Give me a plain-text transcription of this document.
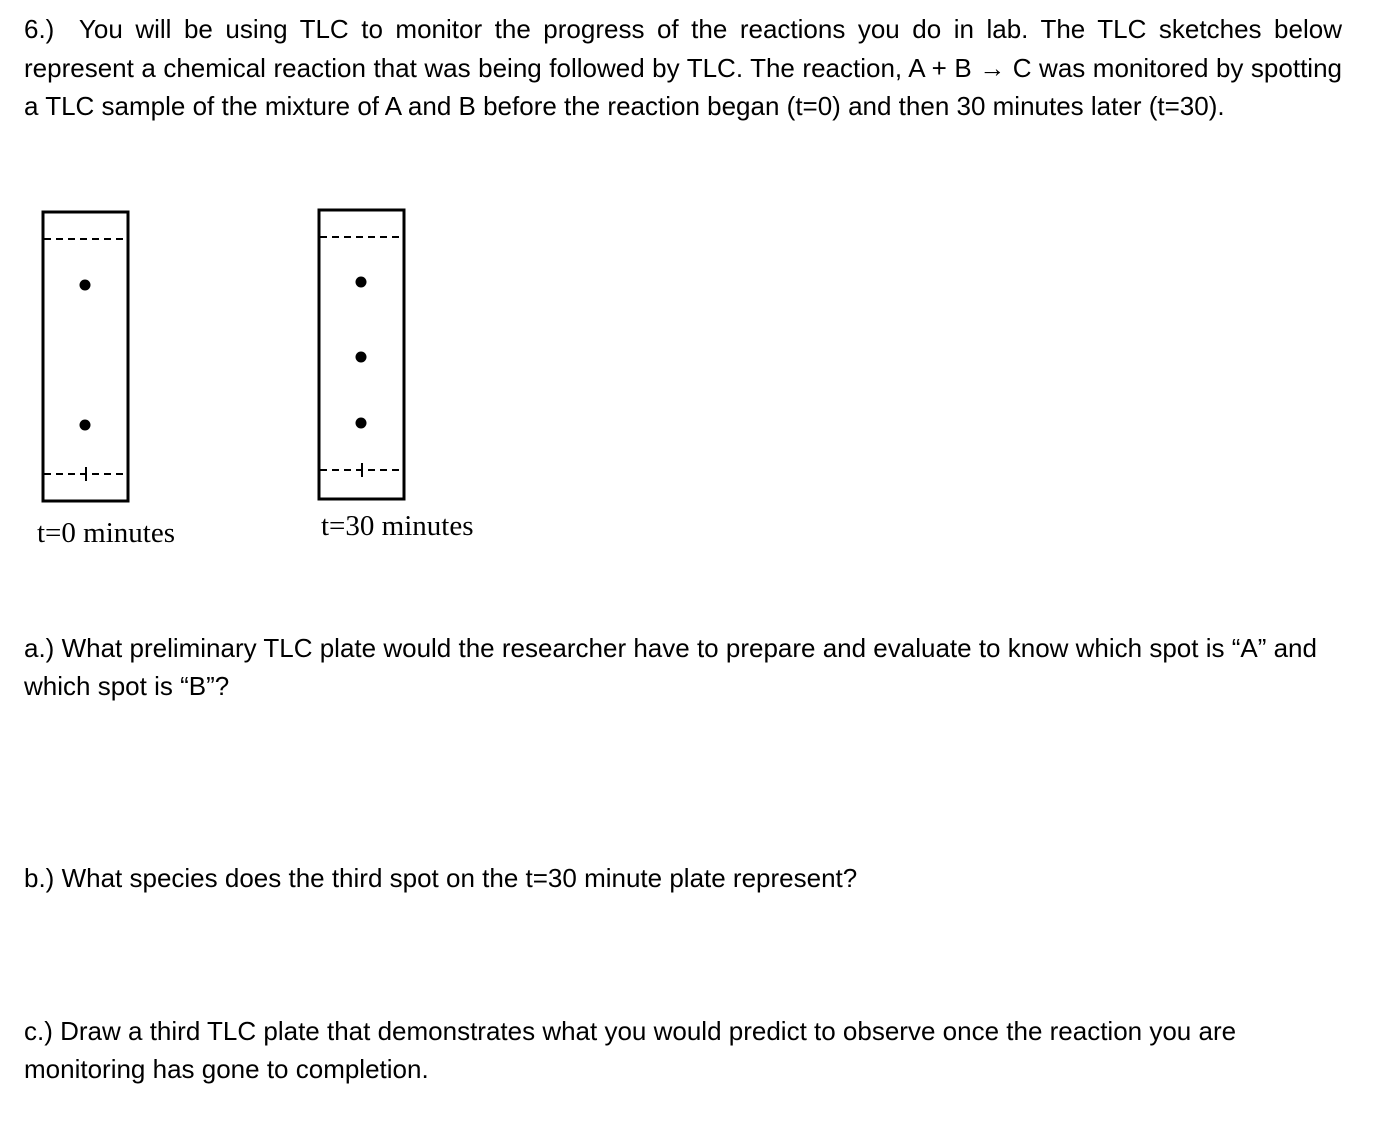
6.) You will be using TLC to monitor the progress of the reactions you do in lab. The TLC sketches below represent a chemical reaction that was being followed by TLC. The reaction, A + B → C was monitored by spotting a TLC sample of the mixture of A and B before the reaction began (t=0) and then 30 minutes later (t=30).

t=0 minutes	t=30 minutes

a.) What preliminary TLC plate would the researcher have to prepare and evaluate to know which spot is “A” and which spot is “B”?

b.) What species does the third spot on the t=30 minute plate represent?

c.) Draw a third TLC plate that demonstrates what you would predict to observe once the reaction you are monitoring has gone to completion.
